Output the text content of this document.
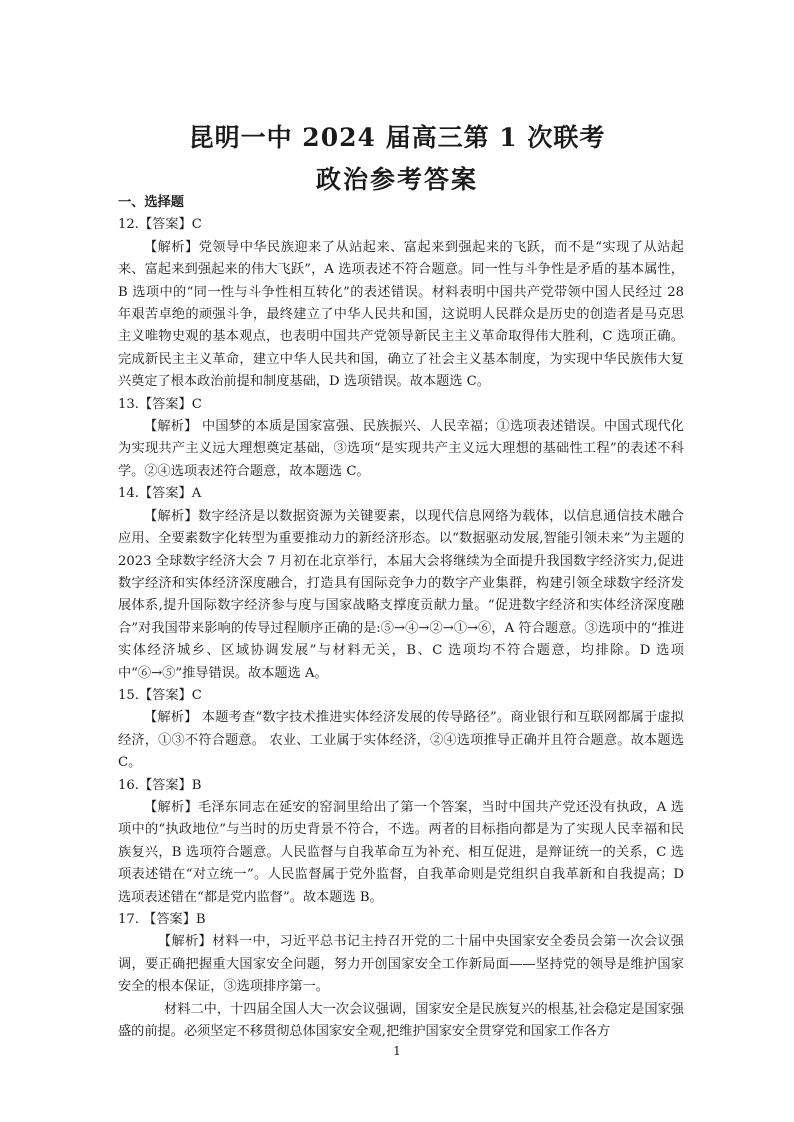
昆明一中 2024 届高三第 1 次联考
政治参考答案
一、选择题

12.【答案】C

【解析】党领导中华民族迎来了从站起来、富起来到强起来的飞跃，而不是“实现了从站起来、富起来到强起来的伟大飞跃”，A 选项表述不符合题意。同一性与斗争性是矛盾的基本属性，B 选项中的“同一性与斗争性相互转化”的表述错误。材料表明中国共产党带领中国人民经过 28 年艰苦卓绝的顽强斗争，最终建立了中华人民共和国，这说明人民群众是历史的创造者是马克思主义唯物史观的基本观点，也表明中国共产党领导新民主主义革命取得伟大胜利，C 选项正确。完成新民主主义革命，建立中华人民共和国，确立了社会主义基本制度，为实现中华民族伟大复兴奠定了根本政治前提和制度基础，D 选项错误。故本题选 C。

13.【答案】C

【解析】 中国梦的本质是国家富强、民族振兴、人民幸福；①选项表述错误。中国式现代化为实现共产主义远大理想奠定基础，③选项“是实现共产主义远大理想的基础性工程”的表述不科学。②④选项表述符合题意，故本题选 C。

14.【答案】A

【解析】数字经济是以数据资源为关键要素，以现代信息网络为载体，以信息通信技术融合应用、全要素数字化转型为重要推动力的新经济形态。以“数据驱动发展,智能引领未来”为主题的 2023 全球数字经济大会 7 月初在北京举行，本届大会将继续为全面提升我国数字经济实力,促进数字经济和实体经济深度融合，打造具有国际竞争力的数字产业集群，构建引领全球数字经济发展体系,提升国际数字经济参与度与国家战略支撑度贡献力量。“促进数字经济和实体经济深度融合”对我国带来影响的传导过程顺序正确的是:⑤→④→②→①→⑥，A 符合题意。③选项中的“推进实体经济城乡、区域协调发展”与材料无关，B、C 选项均不符合题意，均排除。D 选项中“⑥→⑤”推导错误。故本题选 A。

15.【答案】C

【解析】 本题考查“数字技术推进实体经济发展的传导路径”。商业银行和互联网都属于虚拟经济，①③不符合题意。 农业、工业属于实体经济，②④选项推导正确并且符合题意。故本题选 C。

16.【答案】B

【解析】毛泽东同志在延安的窑洞里给出了第一个答案，当时中国共产党还没有执政，A 选项中的“执政地位”与当时的历史背景不符合，不选。两者的目标指向都是为了实现人民幸福和民族复兴，B 选项符合题意。人民监督与自我革命互为补充、相互促进，是辩证统一的关系，C 选项表述错在“对立统一”。人民监督属于党外监督，自我革命则是党组织自我革新和自我提高；D 选项表述错在“都是党内监督”。故本题选 B。

17. 【答案】B

【解析】材料一中，习近平总书记主持召开党的二十届中央国家安全委员会第一次会议强调，要正确把握重大国家安全问题，努力开创国家安全工作新局面——坚持党的领导是维护国家安全的根本保证，③选项排序第一。

材料二中，十四届全国人大一次会议强调，国家安全是民族复兴的根基,社会稳定是国家强盛的前提。必须坚定不移贯彻总体国家安全观,把维护国家安全贯穿党和国家工作各方

1
